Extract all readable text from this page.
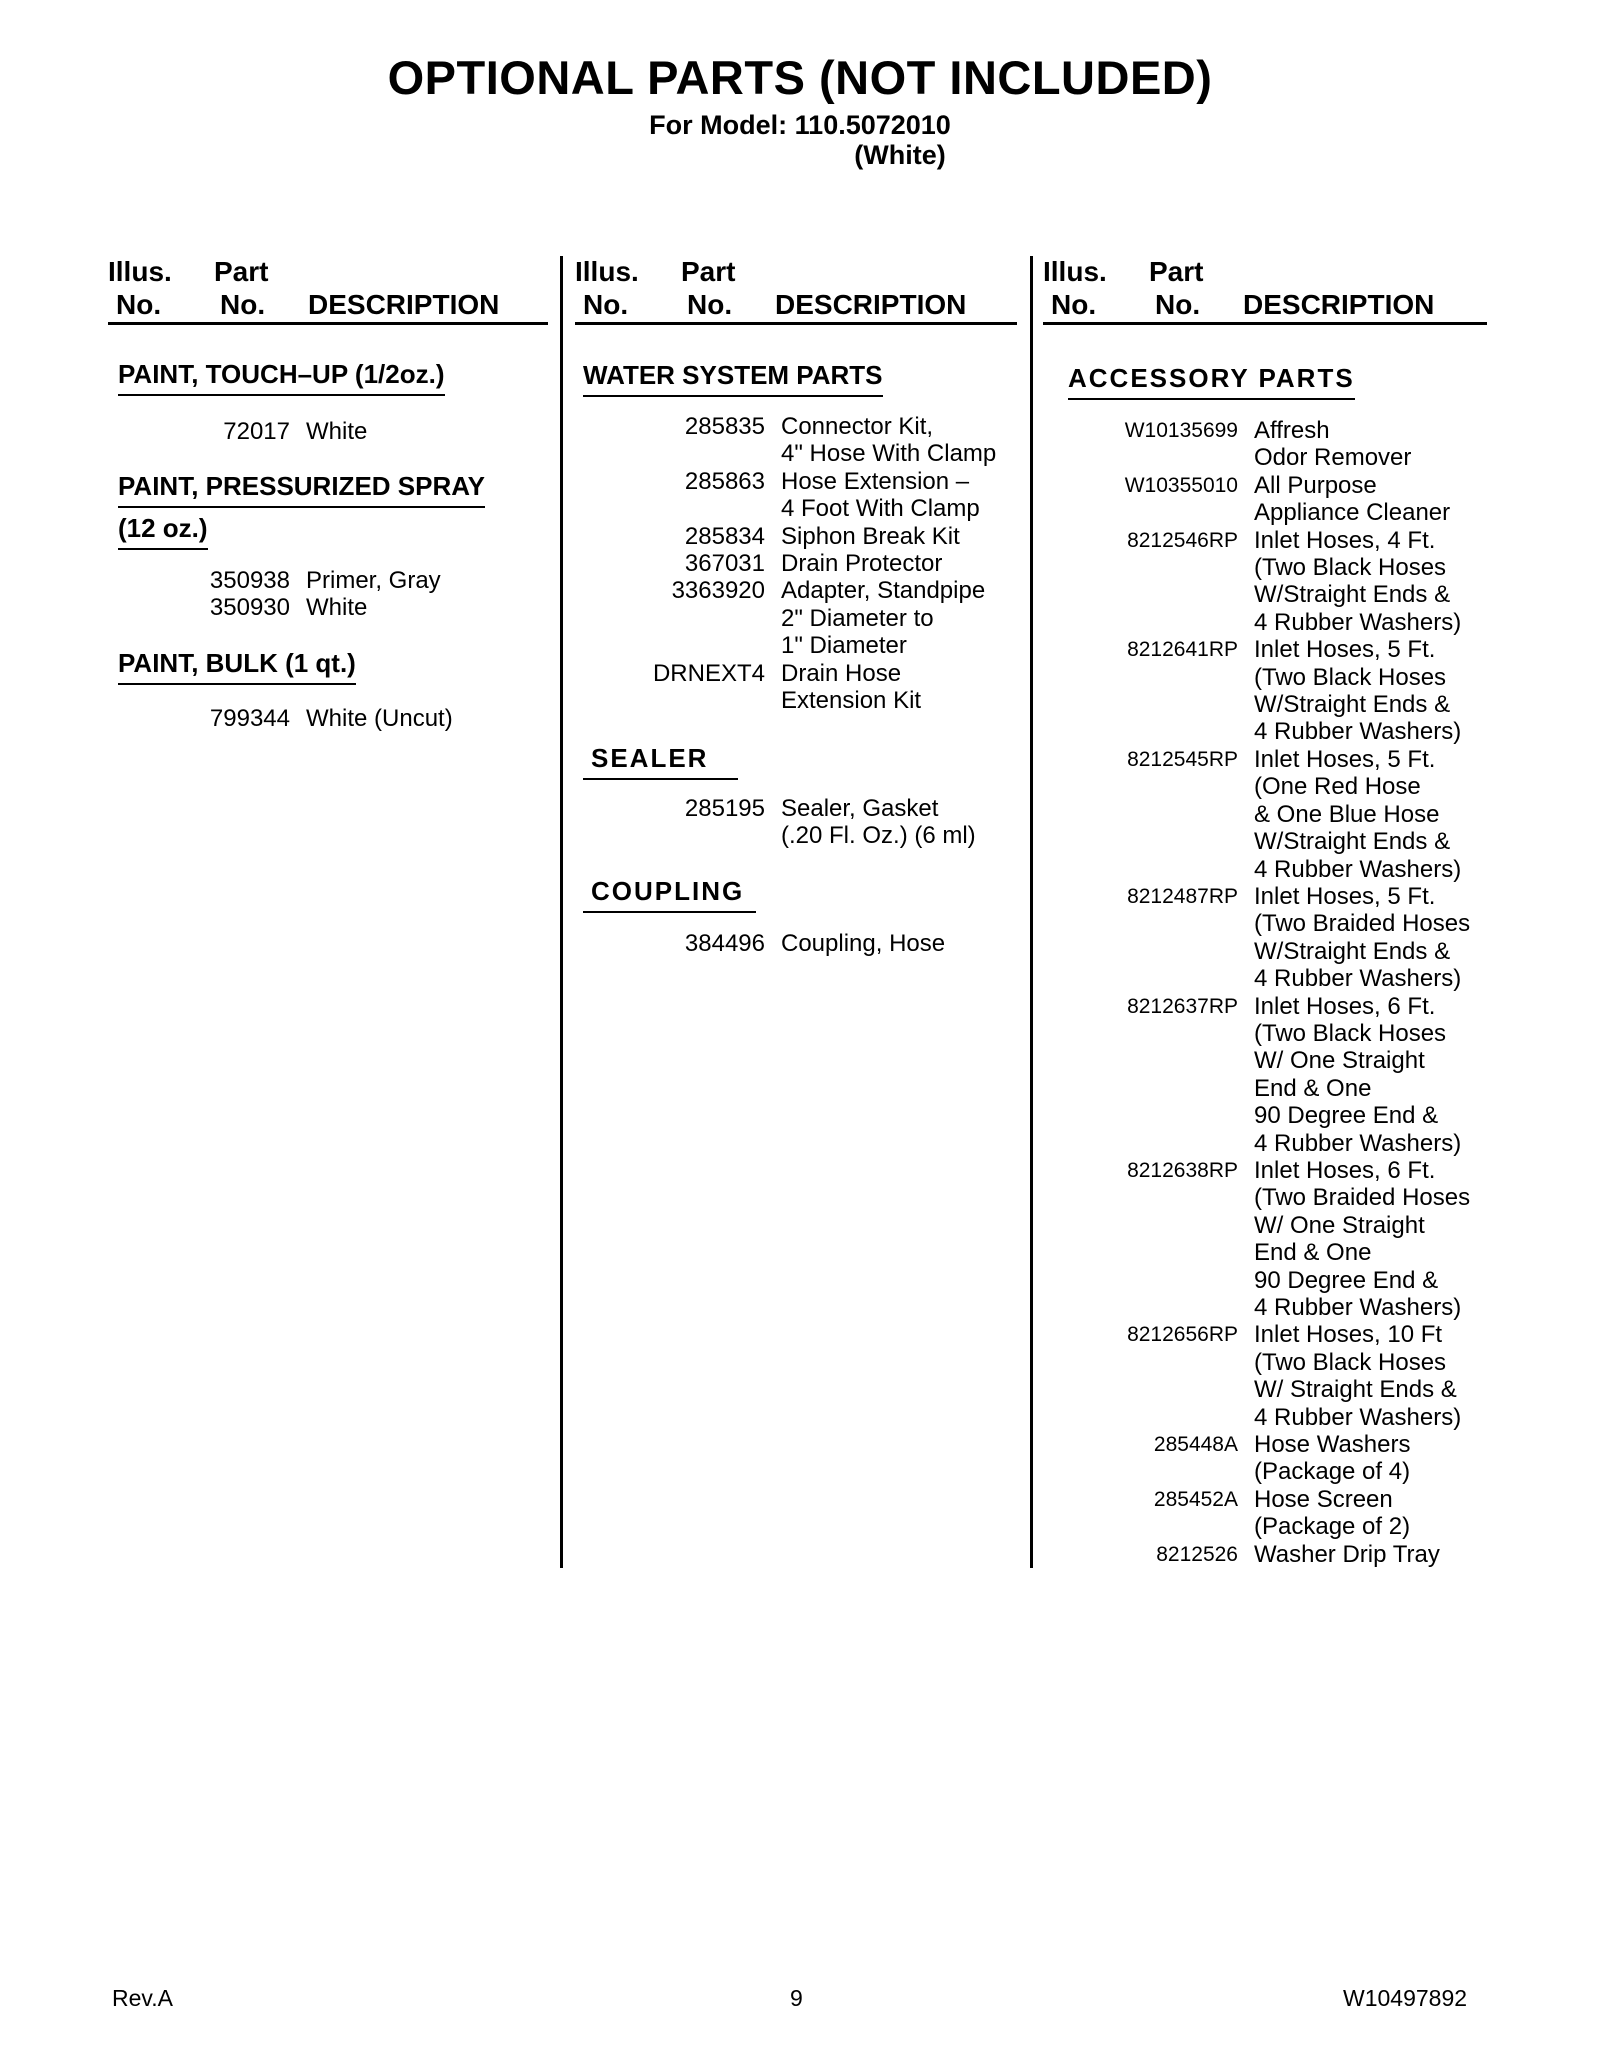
OPTIONAL PARTS (NOT INCLUDED)
For Model: 110.5072010
(White)
Illus.
No.
Part
No. DESCRIPTION
Illus.
No.
Part
No. DESCRIPTION
Illus.
No.
Part
No. DESCRIPTION
PAINT, TOUCH–UP (1/2oz.)
72017 White
PAINT, PRESSURIZED SPRAY
(12 oz.)
350938 Primer, Gray
350930 White
PAINT, BULK (1 qt.)
799344 White (Uncut)
WATER SYSTEM PARTS
285835 Connector Kit,
4" Hose With Clamp
285863 Hose Extension –
4 Foot With Clamp
285834 Siphon Break Kit
367031 Drain Protector
3363920 Adapter, Standpipe
2" Diameter to
1" Diameter
DRNEXT4 Drain Hose
Extension Kit
SEALER
285195 Sealer, Gasket
(.20 Fl. Oz.) (6 ml)
COUPLING
384496 Coupling, Hose
ACCESSORY PARTS
W10135699 Affresh
Odor Remover
W10355010 All Purpose
Appliance Cleaner
8212546RP Inlet Hoses, 4 Ft.
(Two Black Hoses
W/Straight Ends &
4 Rubber Washers)
8212641RP Inlet Hoses, 5 Ft.
(Two Black Hoses
W/Straight Ends &
4 Rubber Washers)
8212545RP Inlet Hoses, 5 Ft.
(One Red Hose
& One Blue Hose
W/Straight Ends &
4 Rubber Washers)
8212487RP Inlet Hoses, 5 Ft.
(Two Braided Hoses
W/Straight Ends &
4 Rubber Washers)
8212637RP Inlet Hoses, 6 Ft.
(Two Black Hoses
W/ One Straight
End & One
90 Degree End &
4 Rubber Washers)
8212638RP Inlet Hoses, 6 Ft.
(Two Braided Hoses
W/ One Straight
End & One
90 Degree End &
4 Rubber Washers)
8212656RP Inlet Hoses, 10 Ft
(Two Black Hoses
W/ Straight Ends &
4 Rubber Washers)
285448A Hose Washers
(Package of 4)
285452A Hose Screen
(Package of 2)
8212526 Washer Drip Tray
Rev.A	9	W10497892
